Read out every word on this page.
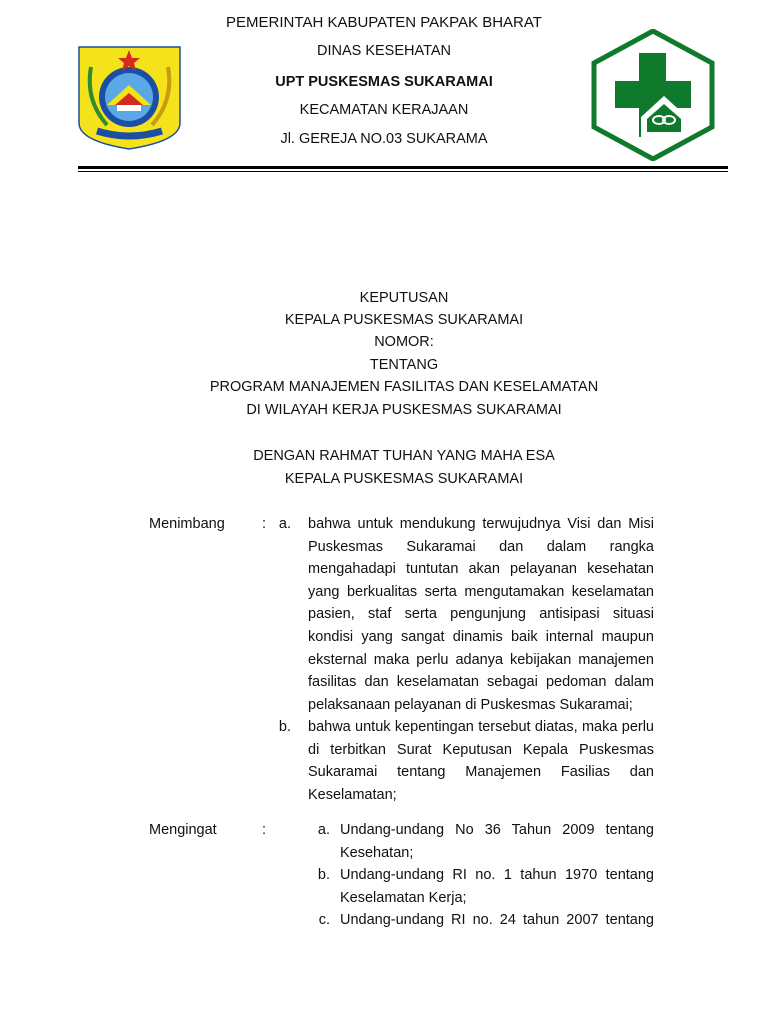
PEMERINTAH KABUPATEN PAKPAK BHARAT
DINAS KESEHATAN
UPT PUSKESMAS SUKARAMAI
KECAMATAN KERAJAAN
Jl. GEREJA NO.03 SUKARAMA
KEPUTUSAN
KEPALA PUSKESMAS SUKARAMAI
NOMOR:
TENTANG
PROGRAM MANAJEMEN FASILITAS DAN KESELAMATAN
DI WILAYAH KERJA PUSKESMAS SUKARAMAI
DENGAN RAHMAT TUHAN YANG MAHA ESA
KEPALA PUSKESMAS SUKARAMAI
Menimbang	: a. bahwa untuk mendukung terwujudnya Visi dan Misi Puskesmas Sukaramai dan dalam rangka mengahadapi tuntutan akan pelayanan kesehatan yang berkualitas serta mengutamakan keselamatan pasien, staf serta pengunjung antisipasi situasi kondisi yang sangat dinamis baik internal maupun eksternal maka perlu adanya kebijakan manajemen fasilitas dan keselamatan sebagai pedoman dalam pelaksanaan pelayanan di Puskesmas Sukaramai;
b. bahwa untuk kepentingan tersebut diatas, maka perlu di terbitkan Surat Keputusan Kepala Puskesmas Sukaramai tentang Manajemen Fasilias dan Keselamatan;
Mengingat	:	a. Undang-undang No 36 Tahun 2009 tentang Kesehatan;
b. Undang-undang RI no. 1 tahun 1970 tentang Keselamatan Kerja;
c. Undang-undang RI no. 24 tahun 2007 tentang
